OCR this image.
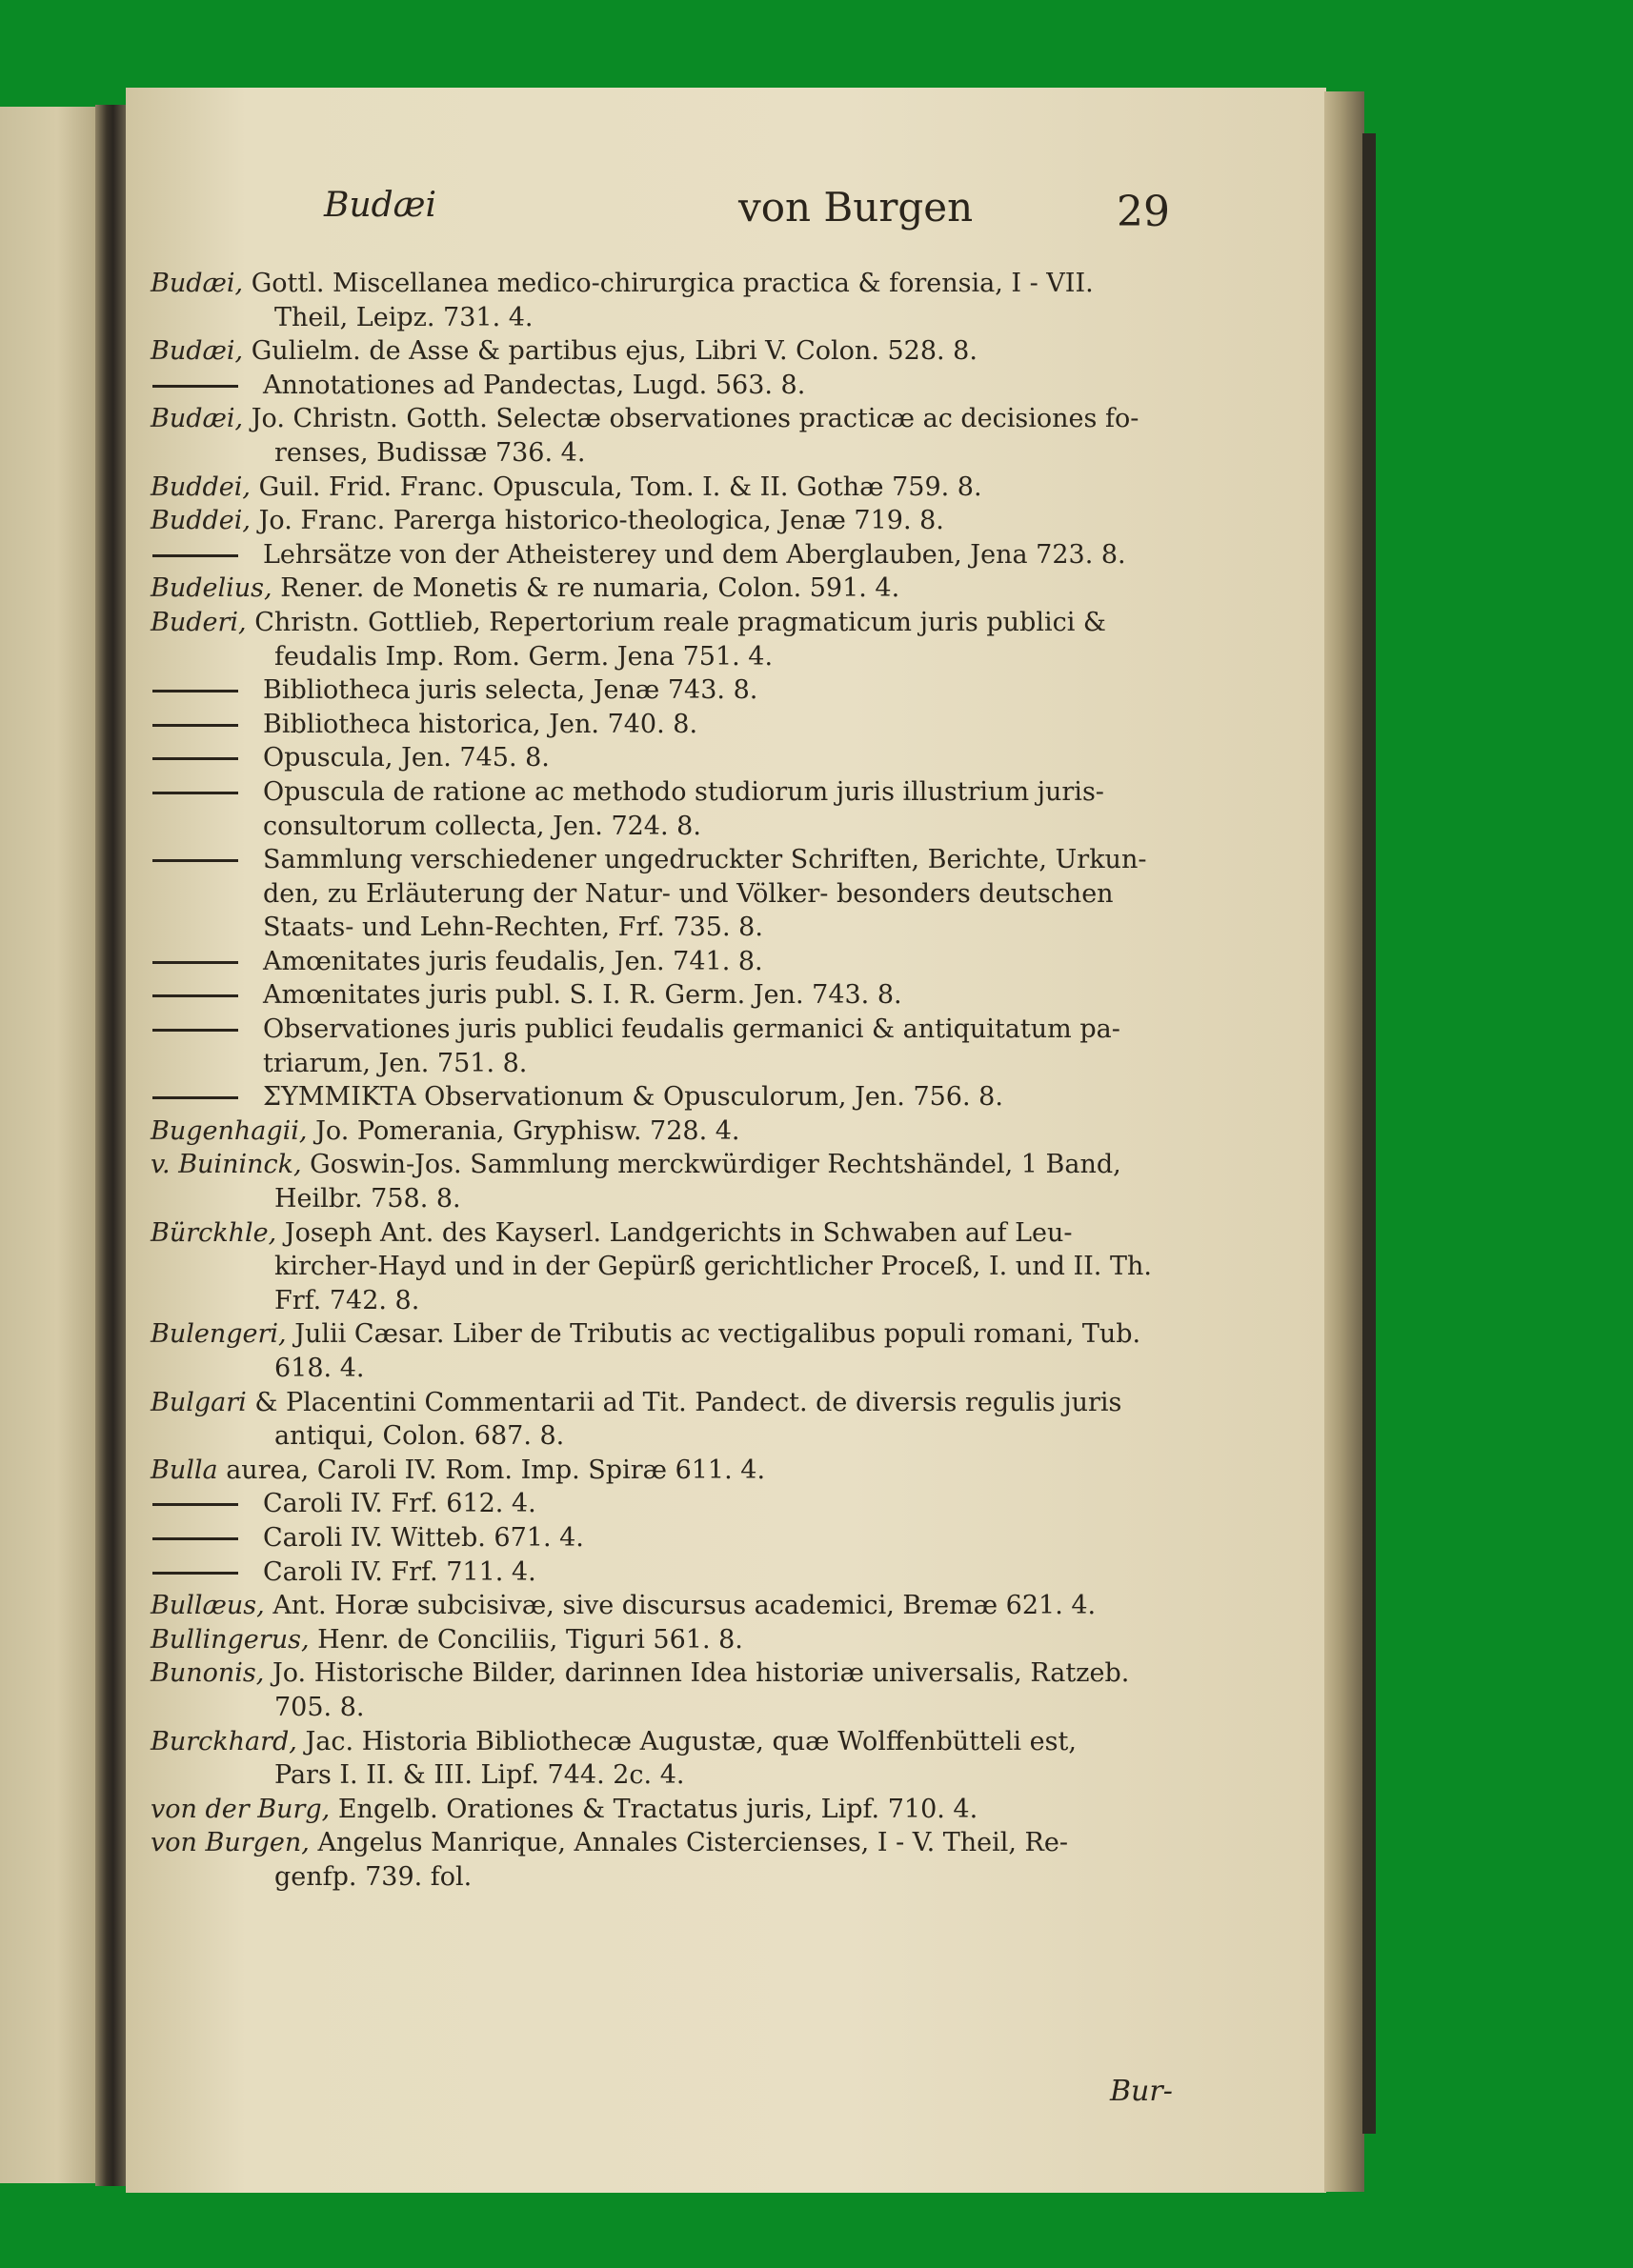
Budæi	von Burgen	29
Budæi, Gottl. Miscellanea medico-chirurgica practica & forensia, I - VII.
Theil, Leipz. 731. 4.
Budæi, Gulielm. de Asse & partibus ejus, Libri V. Colon. 528. 8.
Annotationes ad Pandectas, Lugd. 563. 8.
Budæi, Jo. Christn. Gotth. Selectæ observationes practicæ ac decisiones fo-
renses, Budissæ 736. 4.
Buddei, Guil. Frid. Franc. Opuscula, Tom. I. & II. Gothæ 759. 8.
Buddei, Jo. Franc. Parerga historico-theologica, Jenæ 719. 8.
Lehrsätze von der Atheisterey und dem Aberglauben, Jena 723. 8.
Budelius, Rener. de Monetis & re numaria, Colon. 591. 4.
Buderi, Christn. Gottlieb, Repertorium reale pragmaticum juris publici &
feudalis Imp. Rom. Germ. Jena 751. 4.
Bibliotheca juris selecta, Jenæ 743. 8.
Bibliotheca historica, Jen. 740. 8.
Opuscula, Jen. 745. 8.
Opuscula de ratione ac methodo studiorum juris illustrium juris-
consultorum collecta, Jen. 724. 8.
Sammlung verschiedener ungedruckter Schriften, Berichte, Urkun-
den, zu Erläuterung der Natur- und Völker- besonders deutschen
Staats- und Lehn-Rechten, Frf. 735. 8.
Amœnitates juris feudalis, Jen. 741. 8.
Amœnitates juris publ. S. I. R. Germ. Jen. 743. 8.
Observationes juris publici feudalis germanici & antiquitatum pa-
triarum, Jen. 751. 8.
ΣΥΜΜΙΚΤΑ Observationum & Opusculorum, Jen. 756. 8.
Bugenhagii, Jo. Pomerania, Gryphisw. 728. 4.
v. Buininck, Goswin-Jos. Sammlung merckwürdiger Rechtshändel, 1 Band,
Heilbr. 758. 8.
Bürckhle, Joseph Ant. des Kayserl. Landgerichts in Schwaben auf Leu-
kircher-Hayd und in der Gepürß gerichtlicher Proceß, I. und II. Th.
Frf. 742. 8.
Bulengeri, Julii Cæsar. Liber de Tributis ac vectigalibus populi romani, Tub.
618. 4.
Bulgari & Placentini Commentarii ad Tit. Pandect. de diversis regulis juris
antiqui, Colon. 687. 8.
Bulla aurea, Caroli IV. Rom. Imp. Spiræ 611. 4.
Caroli IV. Frf. 612. 4.
Caroli IV. Witteb. 671. 4.
Caroli IV. Frf. 711. 4.
Bullæus, Ant. Horæ subcisivæ, sive discursus academici, Bremæ 621. 4.
Bullingerus, Henr. de Conciliis, Tiguri 561. 8.
Bunonis, Jo. Historische Bilder, darinnen Idea historiæ universalis, Ratzeb.
705. 8.
Burckhard, Jac. Historia Bibliothecæ Augustæ, quæ Wolffenbütteli est,
Pars I. II. & III. Lipf. 744. 2c. 4.
von der Burg, Engelb. Orationes & Tractatus juris, Lipf. 710. 4.
von Burgen, Angelus Manrique, Annales Cistercienses, I - V. Theil, Re-
genfp. 739. fol.
Bur-
